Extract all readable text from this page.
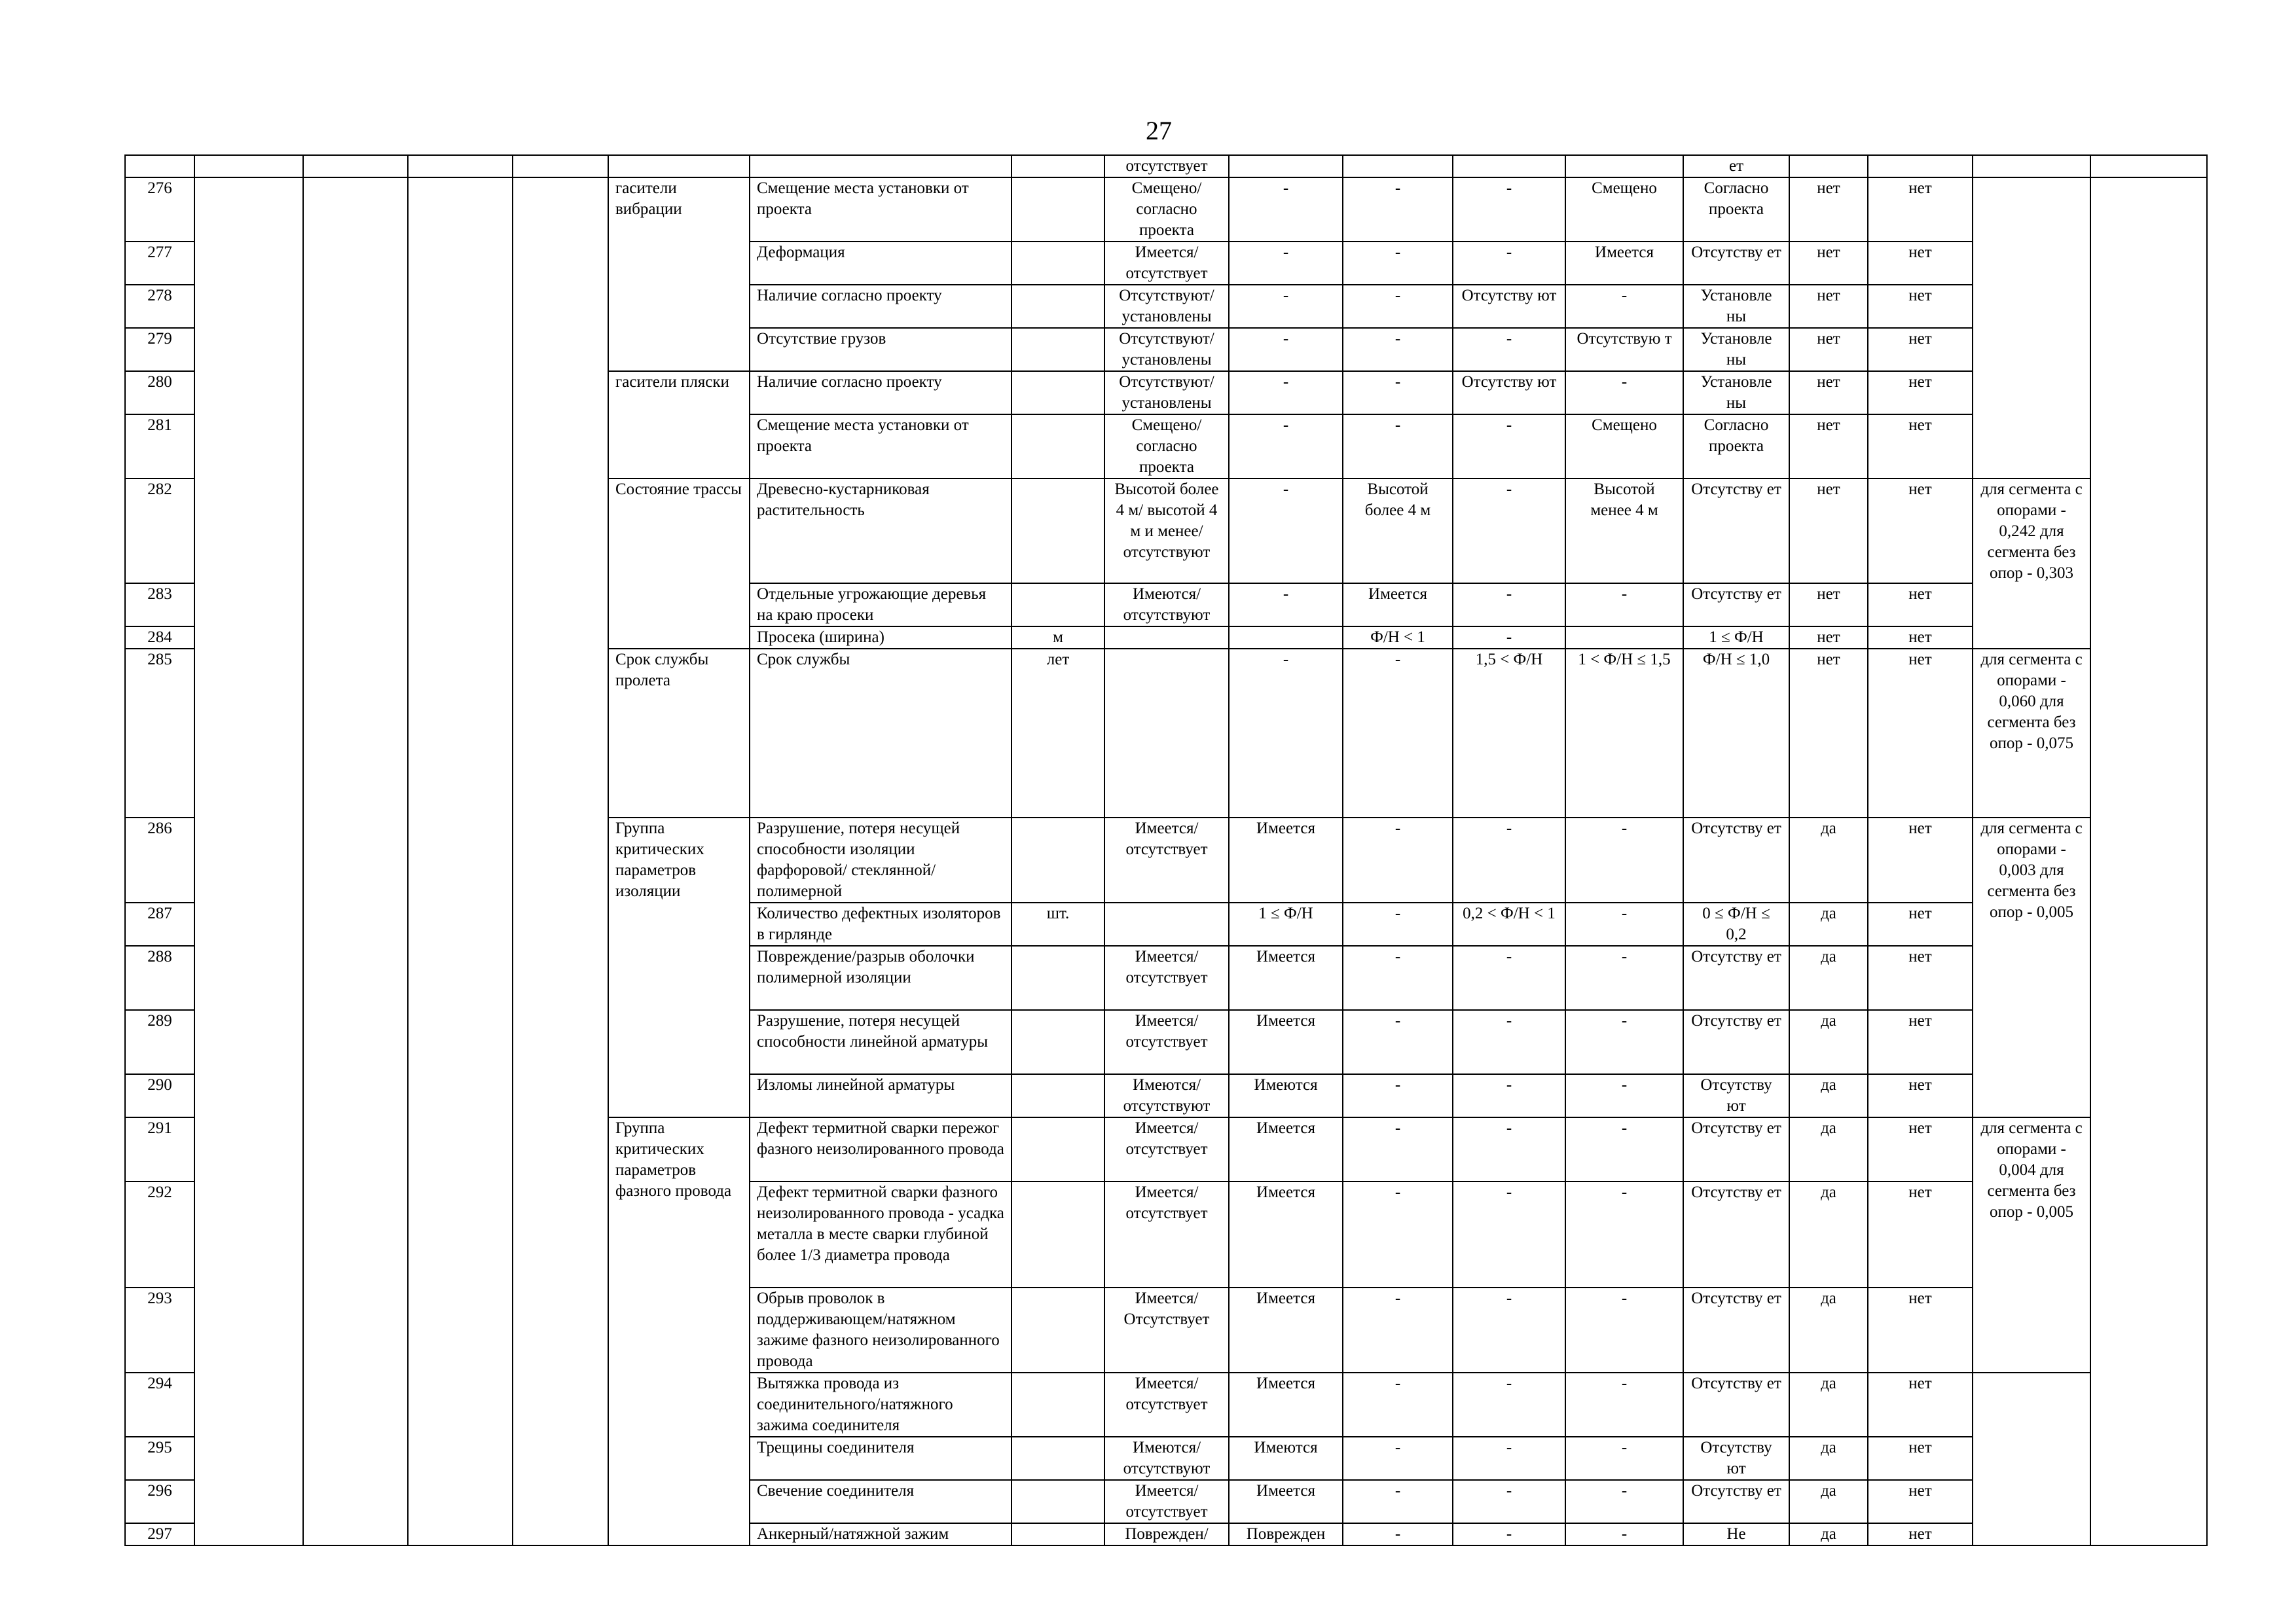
27
								отсутствует					ет				
276					гасители вибрации	Смещение места установки от проекта		Смещено/ согласно проекта	-	-	-	Смещено	Согласно проекта	нет	нет		
277						Деформация		Имеется/ отсутствует	-	-	-	Имеется	Отсутству ет	нет	нет		
278						Наличие согласно проекту		Отсутствуют/ установлены	-	-	Отсутству ют	-	Установле ны	нет	нет		
279						Отсутствие грузов		Отсутствуют/ установлены	-	-	-	Отсутствую т	Установле ны	нет	нет		
280					гасители пляски	Наличие согласно проекту		Отсутствуют/ установлены	-	-	Отсутству ют	-	Установле ны	нет	нет		
281						Смещение места установки от проекта		Смещено/ согласно проекта	-	-	-	Смещено	Согласно проекта	нет	нет		
282					Состояние трассы	Древесно-кустарниковая растительность		Высотой более 4 м/ высотой 4 м и менее/ отсутствуют	-	Высотой более 4 м	-	Высотой менее 4 м	Отсутству ет	нет	нет	для сегмента с опорами - 0,242 для сегмента без опор - 0,303	
283						Отдельные угрожающие деревья на краю просеки		Имеются/ отсутствуют	-	Имеется	-	-	Отсутству ет	нет	нет		
284						Просека (ширина)	м			Ф/Н < 1	-		1 ≤ Ф/Н	нет	нет		
285					Срок службы пролета	Срок службы	лет		-	-	1,5 < Ф/Н	1 < Ф/Н ≤ 1,5	Ф/Н ≤ 1,0	нет	нет	для сегмента с опорами - 0,060 для сегмента без опор - 0,075	
286					Группа критических параметров изоляции	Разрушение, потеря несущей способности изоляции фарфоровой/ стеклянной/ полимерной		Имеется/ отсутствует	Имеется	-	-	-	Отсутству ет	да	нет	для сегмента с опорами - 0,003 для сегмента без опор - 0,005	
287						Количество дефектных изоляторов в гирлянде	шт.		1 ≤ Ф/Н	-	0,2 < Ф/Н < 1	-	0 ≤ Ф/Н ≤ 0,2	да	нет		
288						Повреждение/разрыв оболочки полимерной изоляции		Имеется/ отсутствует	Имеется	-	-	-	Отсутству ет	да	нет		
289						Разрушение, потеря несущей способности линейной арматуры		Имеется/ отсутствует	Имеется	-	-	-	Отсутству ет	да	нет		
290						Изломы линейной арматуры		Имеются/ отсутствуют	Имеются	-	-	-	Отсутству ют	да	нет		
291					Группа критических параметров фазного провода	Дефект термитной сварки пережог фазного неизолированного провода		Имеется/ отсутствует	Имеется	-	-	-	Отсутству ет	да	нет	для сегмента с опорами - 0,004 для сегмента без опор - 0,005	
292						Дефект термитной сварки фазного неизолированного провода - усадка металла в месте сварки глубиной более 1/3 диаметра провода		Имеется/ отсутствует	Имеется	-	-	-	Отсутству ет	да	нет		
293						Обрыв проволок в поддерживающем/натяжном зажиме фазного неизолированного провода		Имеется/ Отсутствует	Имеется	-	-	-	Отсутству ет	да	нет		
294						Вытяжка провода из соединительного/натяжного зажима соединителя		Имеется/ отсутствует	Имеется	-	-	-	Отсутству ет	да	нет		
295						Трещины соединителя		Имеются/ отсутствуют	Имеются	-	-	-	Отсутству ют	да	нет		
296						Свечение соединителя		Имеется/ отсутствует	Имеется	-	-	-	Отсутству ет	да	нет		
297						Анкерный/натяжной зажим		Поврежден/	Поврежден	-	-	-	Не	да	нет		
